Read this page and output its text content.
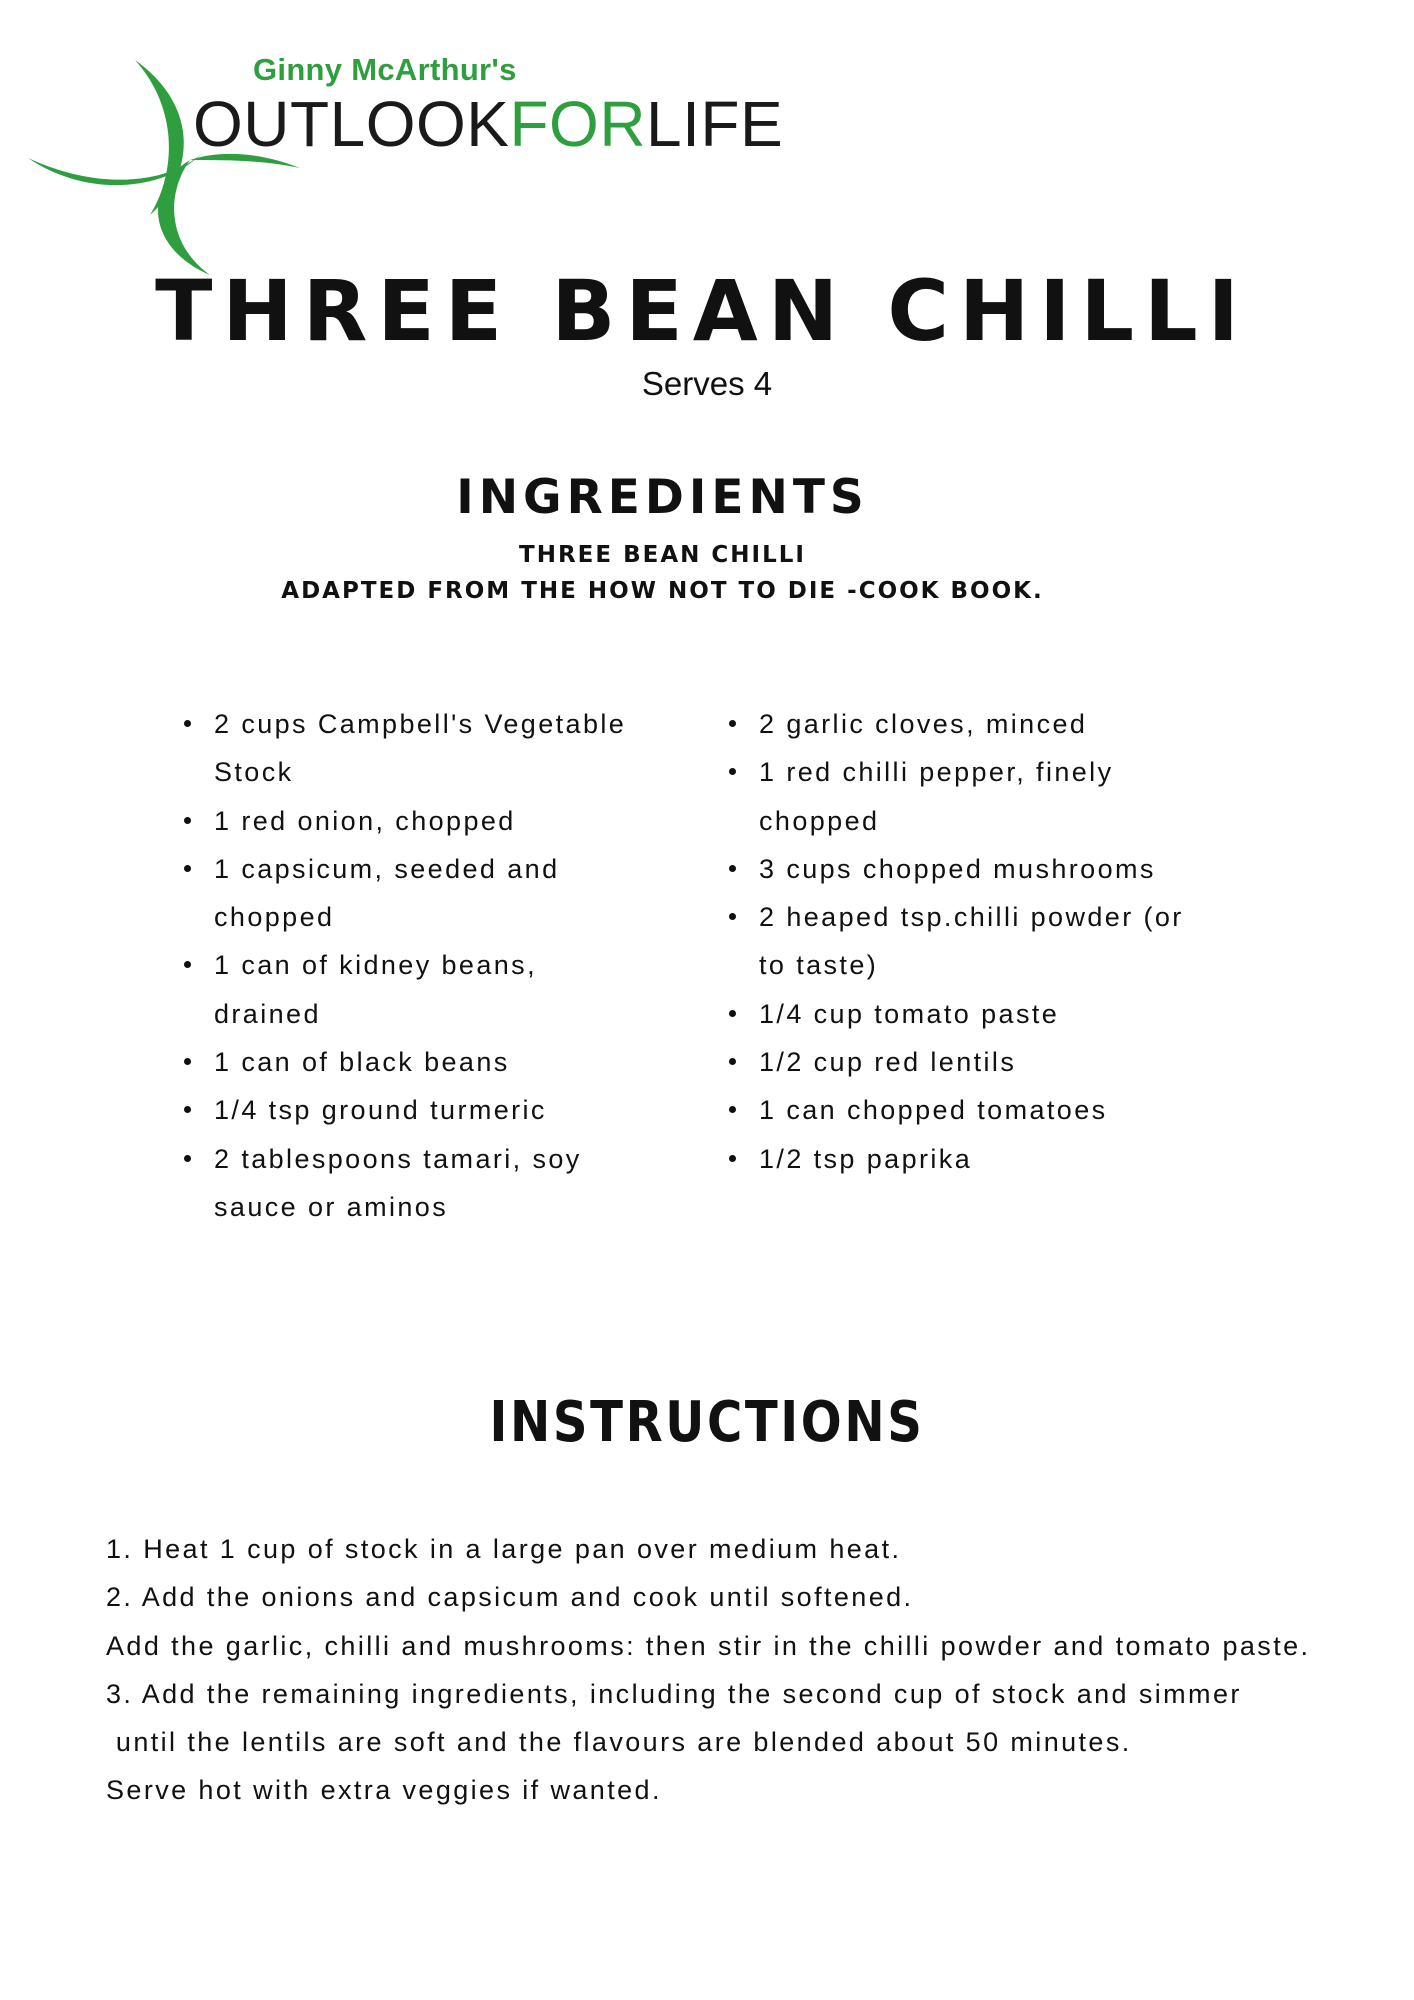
Ginny McArthur's
OUTLOOKFORLIFE
THREE BEAN CHILLI
Serves 4
INGREDIENTS
THREE BEAN CHILLI
ADAPTED FROM THE HOW NOT TO DIE -COOK BOOK.
2 cups Campbell's Vegetable Stock
1 red onion, chopped
1 capsicum, seeded and chopped
1 can of kidney beans, drained
1 can of black beans
1/4 tsp ground turmeric
2 tablespoons tamari, soy sauce or aminos
2 garlic cloves, minced
1 red chilli pepper, finely chopped
3 cups chopped mushrooms
2 heaped tsp.chilli powder (or to taste)
1/4 cup tomato paste
1/2 cup red lentils
1 can chopped tomatoes
1/2 tsp paprika
INSTRUCTIONS

1. Heat 1 cup of stock in a large pan over medium heat.

2. Add the onions and capsicum and cook until softened.

Add the garlic, chilli and mushrooms: then stir in the chilli powder and tomato paste.

3. Add the remaining ingredients, including the second cup of stock and simmer
until the lentils are soft and the flavours are blended about 50 minutes.

Serve hot with extra veggies if wanted.
